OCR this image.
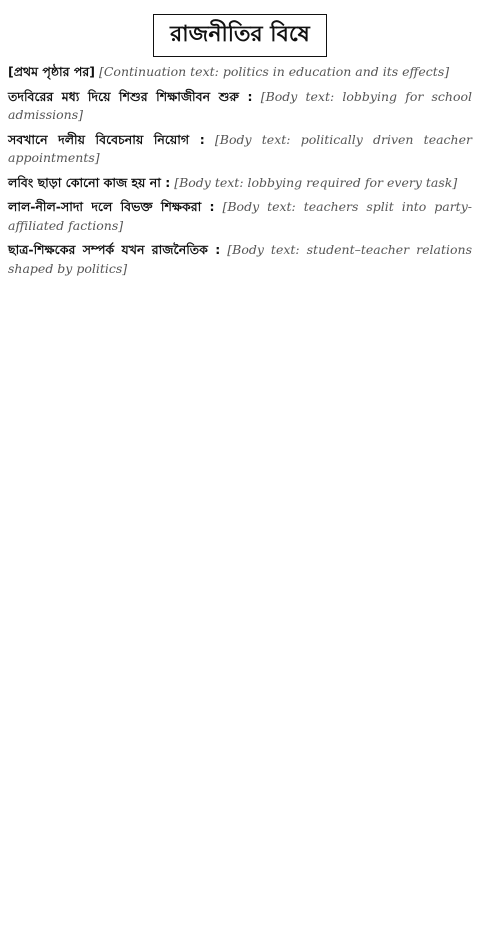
রাজনীতির বিষে

[প্রথম পৃষ্ঠার পর] [Continuation text: politics in education and its effects]

তদবিরের মধ্য দিয়ে শিশুর শিক্ষাজীবন শুরু : [Body text: lobbying for school admissions]

সবখানে দলীয় বিবেচনায় নিয়োগ : [Body text: politically driven teacher appointments]

লবিং ছাড়া কোনো কাজ হয় না : [Body text: lobbying required for every task]

লাল-নীল-সাদা দলে বিভক্ত শিক্ষকরা : [Body text: teachers split into party-affiliated factions]

ছাত্র-শিক্ষকের সম্পর্ক যখন রাজনৈতিক : [Body text: student–teacher relations shaped by politics]
